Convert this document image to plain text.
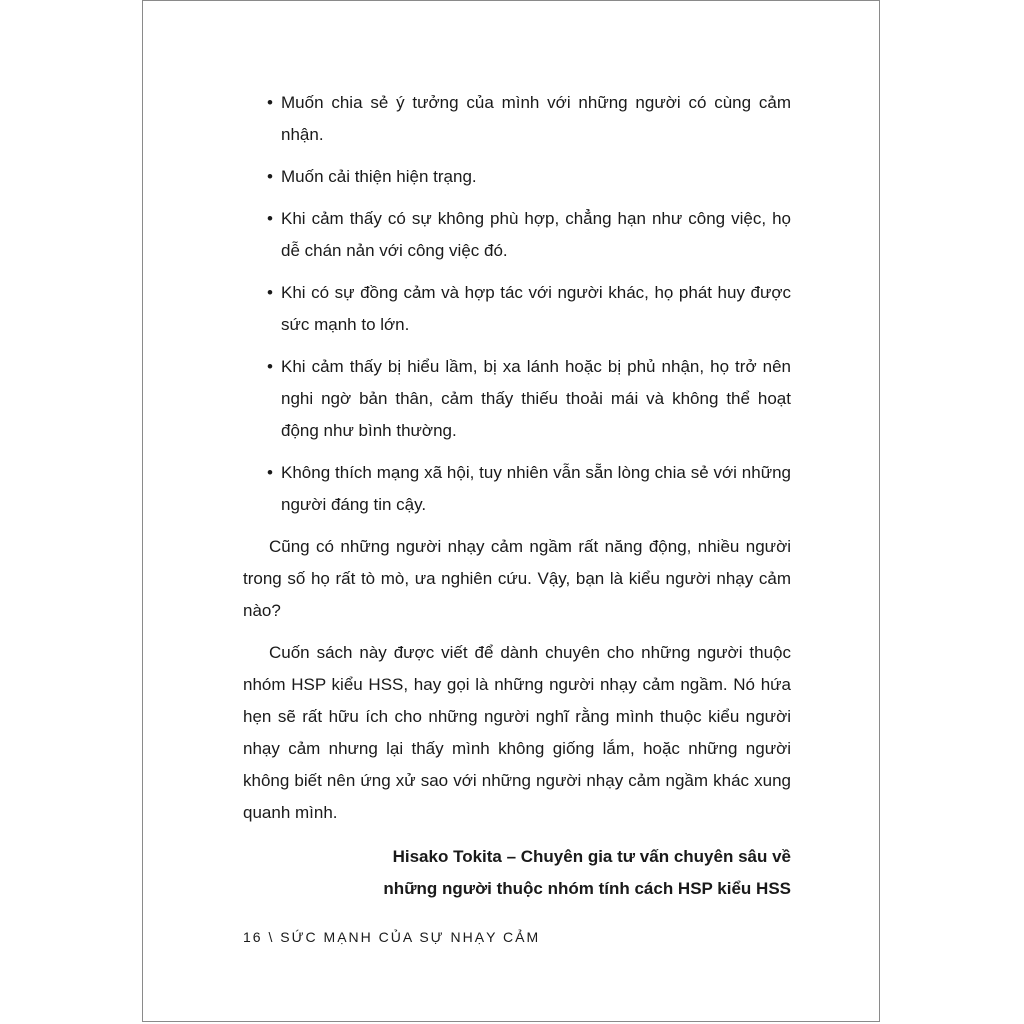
• Muốn chia sẻ ý tưởng của mình với những người có cùng cảm nhận.
• Muốn cải thiện hiện trạng.
• Khi cảm thấy có sự không phù hợp, chẳng hạn như công việc, họ dễ chán nản với công việc đó.
• Khi có sự đồng cảm và hợp tác với người khác, họ phát huy được sức mạnh to lớn.
• Khi cảm thấy bị hiểu lầm, bị xa lánh hoặc bị phủ nhận, họ trở nên nghi ngờ bản thân, cảm thấy thiếu thoải mái và không thể hoạt động như bình thường.
• Không thích mạng xã hội, tuy nhiên vẫn sẵn lòng chia sẻ với những người đáng tin cậy.

Cũng có những người nhạy cảm ngầm rất năng động, nhiều người trong số họ rất tò mò, ưa nghiên cứu. Vậy, bạn là kiểu người nhạy cảm nào?

Cuốn sách này được viết để dành chuyên cho những người thuộc nhóm HSP kiểu HSS, hay gọi là những người nhạy cảm ngầm. Nó hứa hẹn sẽ rất hữu ích cho những người nghĩ rằng mình thuộc kiểu người nhạy cảm nhưng lại thấy mình không giống lắm, hoặc những người không biết nên ứng xử sao với những người nhạy cảm ngầm khác xung quanh mình.

Hisako Tokita – Chuyên gia tư vấn chuyên sâu về
những người thuộc nhóm tính cách HSP kiểu HSS
16 \ SỨC MẠNH CỦA SỰ NHẠY CẢM
